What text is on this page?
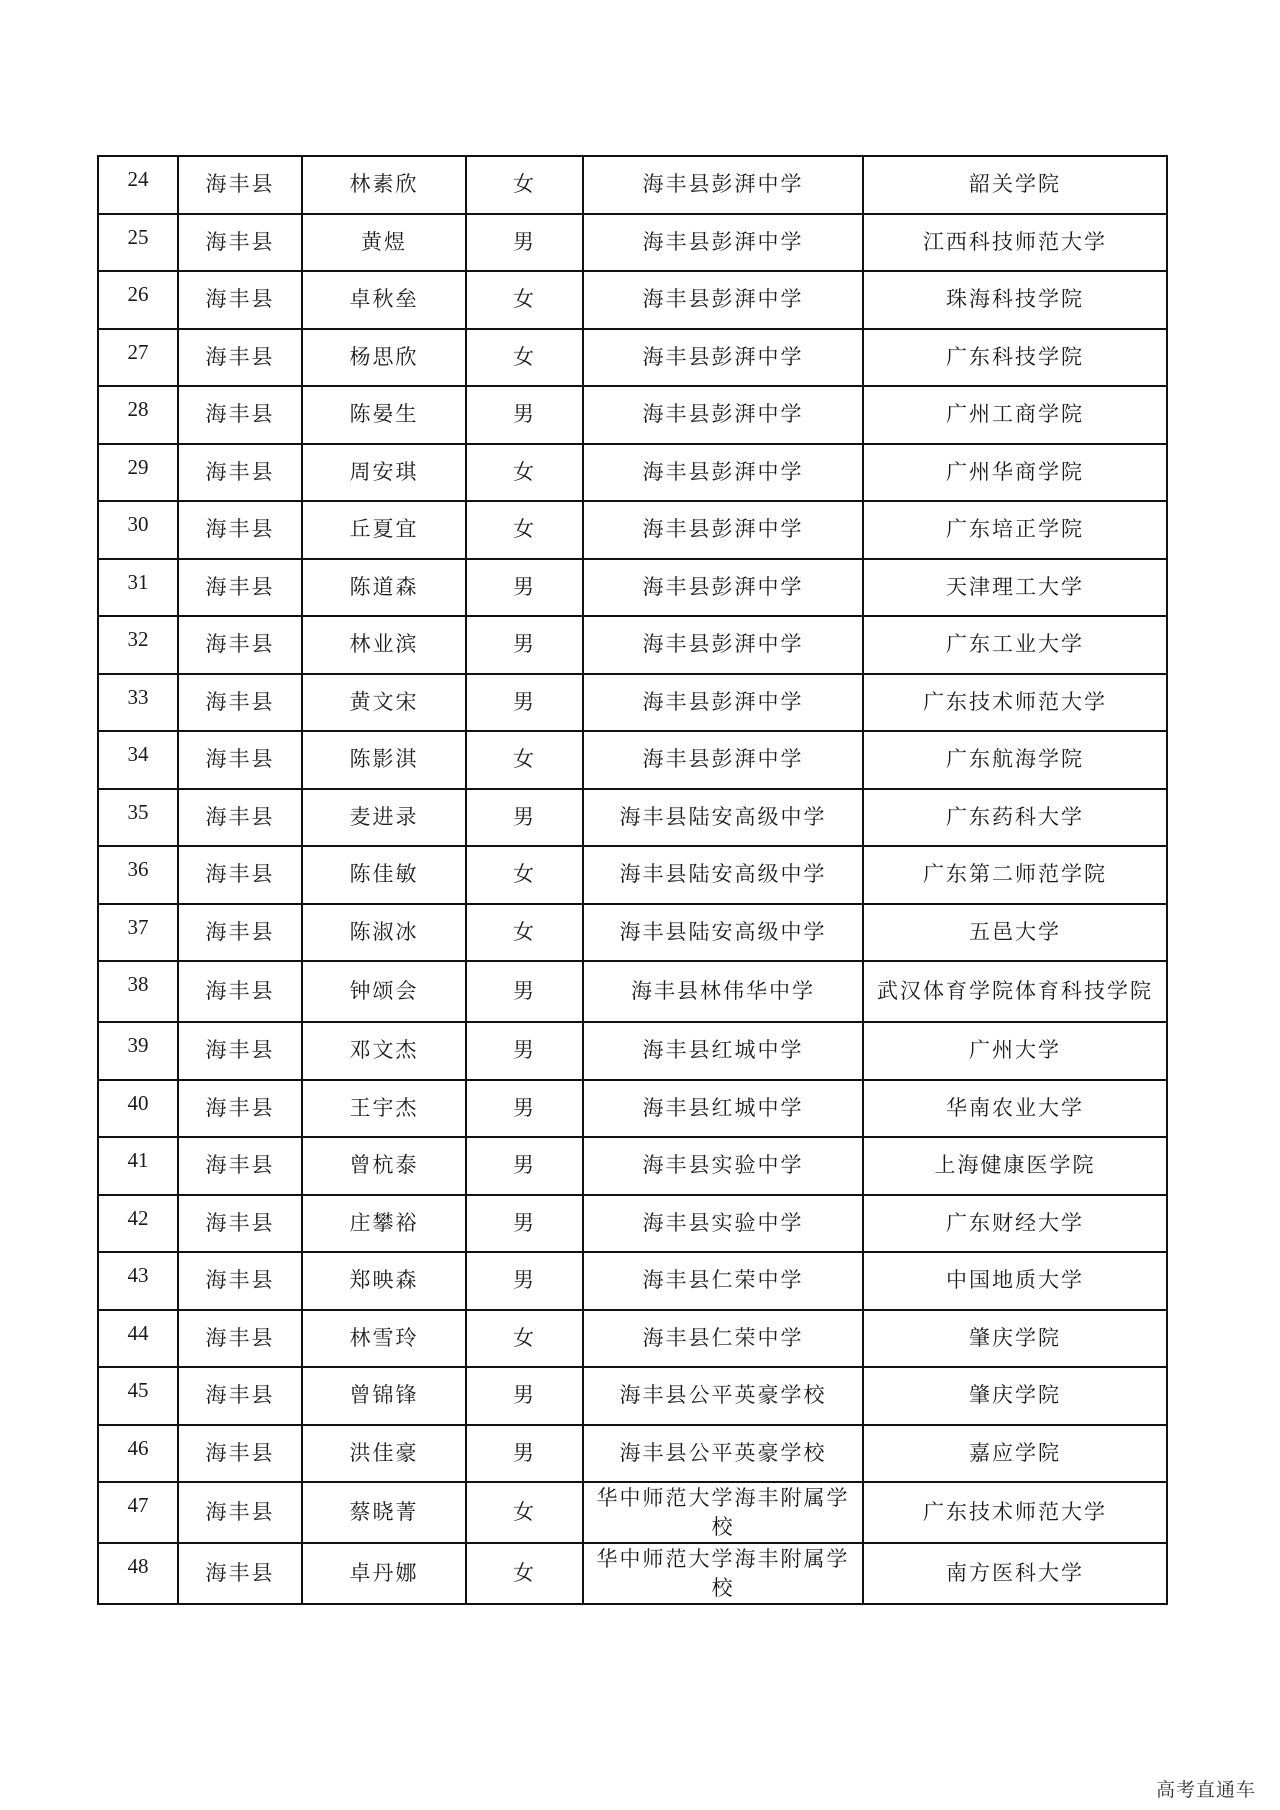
24	海丰县	林素欣	女	海丰县彭湃中学	韶关学院
25	海丰县	黄煜	男	海丰县彭湃中学	江西科技师范大学
26	海丰县	卓秋垒	女	海丰县彭湃中学	珠海科技学院
27	海丰县	杨思欣	女	海丰县彭湃中学	广东科技学院
28	海丰县	陈晏生	男	海丰县彭湃中学	广州工商学院
29	海丰县	周安琪	女	海丰县彭湃中学	广州华商学院
30	海丰县	丘夏宜	女	海丰县彭湃中学	广东培正学院
31	海丰县	陈道森	男	海丰县彭湃中学	天津理工大学
32	海丰县	林业滨	男	海丰县彭湃中学	广东工业大学
33	海丰县	黄文宋	男	海丰县彭湃中学	广东技术师范大学
34	海丰县	陈影淇	女	海丰县彭湃中学	广东航海学院
35	海丰县	麦进录	男	海丰县陆安高级中学	广东药科大学
36	海丰县	陈佳敏	女	海丰县陆安高级中学	广东第二师范学院
37	海丰县	陈淑冰	女	海丰县陆安高级中学	五邑大学
38	海丰县	钟颂会	男	海丰县林伟华中学	武汉体育学院体育科技学院
39	海丰县	邓文杰	男	海丰县红城中学	广州大学
40	海丰县	王宇杰	男	海丰县红城中学	华南农业大学
41	海丰县	曾杭泰	男	海丰县实验中学	上海健康医学院
42	海丰县	庄攀裕	男	海丰县实验中学	广东财经大学
43	海丰县	郑映森	男	海丰县仁荣中学	中国地质大学
44	海丰县	林雪玲	女	海丰县仁荣中学	肇庆学院
45	海丰县	曾锦锋	男	海丰县公平英豪学校	肇庆学院
46	海丰县	洪佳豪	男	海丰县公平英豪学校	嘉应学院
47	海丰县	蔡晓菁	女	华中师范大学海丰附属学校	广东技术师范大学
48	海丰县	卓丹娜	女	华中师范大学海丰附属学校	南方医科大学
高考直通车
